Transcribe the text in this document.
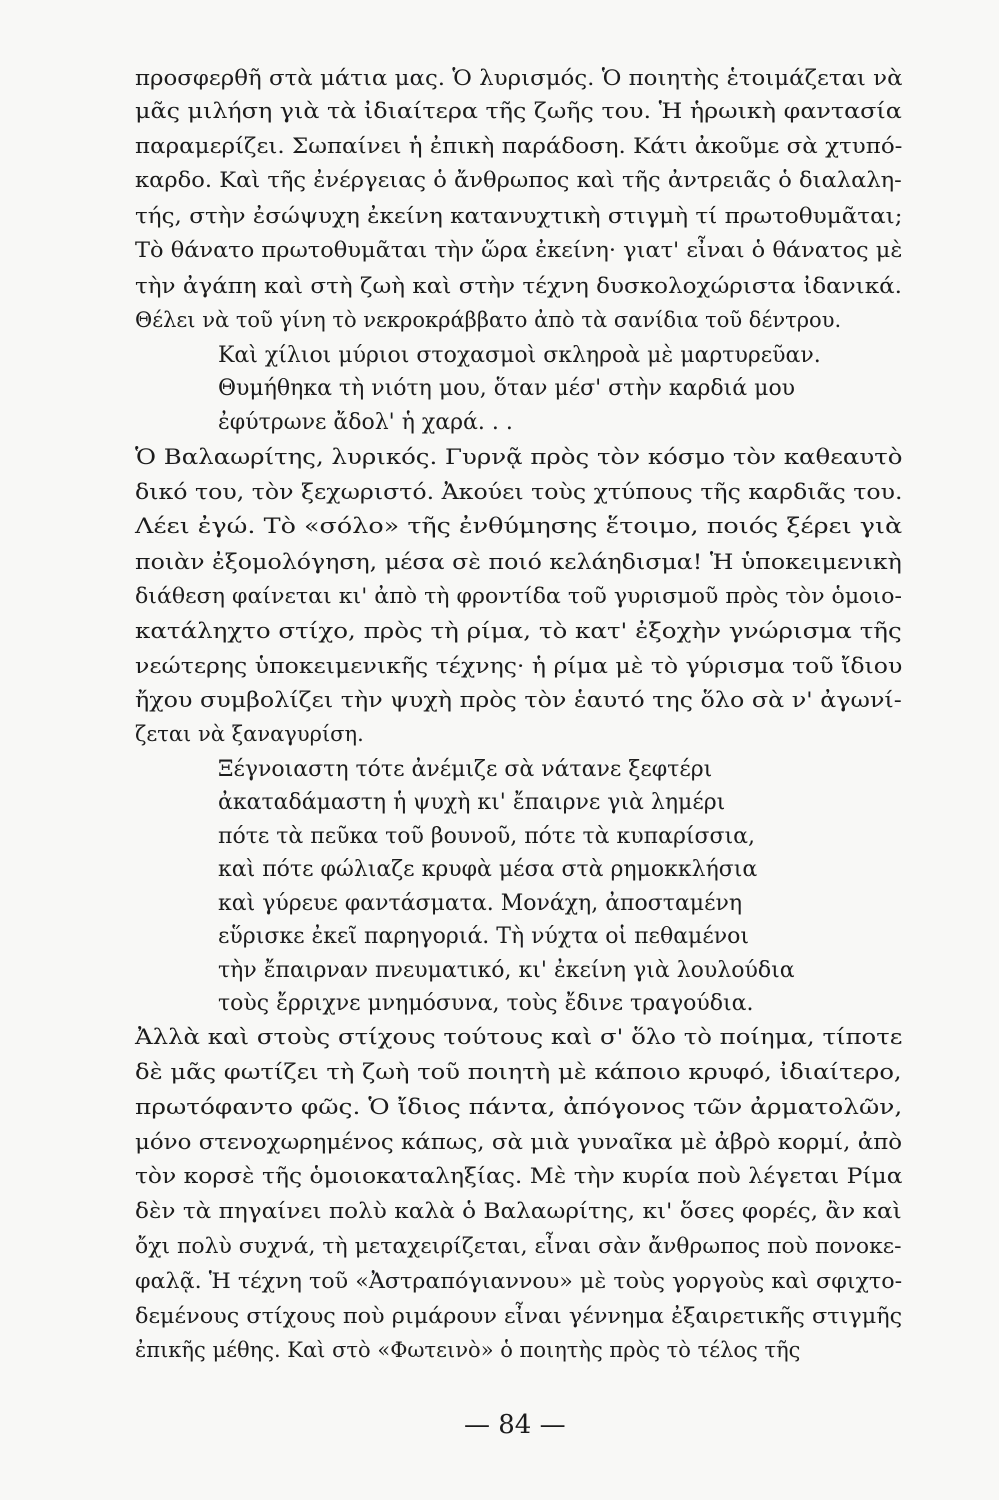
προσφερθῆ στὰ μάτια μας. Ὁ λυρισμός. Ὁ ποιητὴς ἑτοιμάζεται νὰ
μᾶς μιλήση γιὰ τὰ ἰδιαίτερα τῆς ζωῆς του. Ἡ ἡρωικὴ φαντασία
παραμερίζει. Σωπαίνει ἡ ἐπικὴ παράδοση. Κάτι ἀκοῦμε σὰ χτυπό-
καρδο. Καὶ τῆς ἐνέργειας ὁ ἄνθρωπος καὶ τῆς ἀντρειᾶς ὁ διαλαλη-
τής, στὴν ἐσώψυχη ἐκείνη κατανυχτικὴ στιγμὴ τί πρωτοθυμᾶται;
Τὸ θάνατο πρωτοθυμᾶται τὴν ὥρα ἐκείνη· γιατ' εἶναι ὁ θάνατος μὲ
τὴν ἀγάπη καὶ στὴ ζωὴ καὶ στὴν τέχνη δυσκολοχώριστα ἰδανικά.
Θέλει νὰ τοῦ γίνη τὸ νεκροκράββατο ἀπὸ τὰ σανίδια τοῦ δέντρου.
Καὶ χίλιοι μύριοι στοχασμοὶ σκληροὰ μὲ μαρτυρεῦαν.
Θυμήθηκα τὴ νιότη μου, ὅταν μέσ' στὴν καρδιά μου
ἐφύτρωνε ἄδολ' ἡ χαρά. . .
Ὁ Βαλαωρίτης, λυρικός. Γυρνᾷ πρὸς τὸν κόσμο τὸν καθεαυτὸ
δικό του, τὸν ξεχωριστό. Ἀκούει τοὺς χτύπους τῆς καρδιᾶς του.
Λέει ἐγώ. Τὸ «σόλο» τῆς ἐνθύμησης ἕτοιμο, ποιός ξέρει γιὰ
ποιὰν ἐξομολόγηση, μέσα σὲ ποιό κελάηδισμα! Ἡ ὑποκειμενικὴ
διάθεση φαίνεται κι' ἀπὸ τὴ φροντίδα τοῦ γυρισμοῦ πρὸς τὸν ὁμοιο-
κατάληχτο στίχο, πρὸς τὴ ρίμα, τὸ κατ' ἐξοχὴν γνώρισμα τῆς
νεώτερης ὑποκειμενικῆς τέχνης· ἡ ρίμα μὲ τὸ γύρισμα τοῦ ἴδιου
ἤχου συμβολίζει τὴν ψυχὴ πρὸς τὸν ἑαυτό της ὅλο σὰ ν' ἀγωνί-
ζεται νὰ ξαναγυρίση.
Ξέγνοιαστη τότε ἀνέμιζε σὰ νάτανε ξεφτέρι
ἀκαταδάμαστη ἡ ψυχὴ κι' ἔπαιρνε γιὰ λημέρι
πότε τὰ πεῦκα τοῦ βουνοῦ, πότε τὰ κυπαρίσσια,
καὶ πότε φώλιαζε κρυφὰ μέσα στὰ ρημοκκλήσια
καὶ γύρευε φαντάσματα. Μονάχη, ἀποσταμένη
εὕρισκε ἐκεῖ παρηγοριά. Τὴ νύχτα οἱ πεθαμένοι
τὴν ἔπαιρναν πνευματικό, κι' ἐκείνη γιὰ λουλούδια
τοὺς ἔρριχνε μνημόσυνα, τοὺς ἔδινε τραγούδια.
Ἀλλὰ καὶ στοὺς στίχους τούτους καὶ σ' ὅλο τὸ ποίημα, τίποτε
δὲ μᾶς φωτίζει τὴ ζωὴ τοῦ ποιητὴ μὲ κάποιο κρυφό, ἰδιαίτερο,
πρωτόφαντο φῶς. Ὁ ἴδιος πάντα, ἀπόγονος τῶν ἀρματολῶν,
μόνο στενοχωρημένος κάπως, σὰ μιὰ γυναῖκα μὲ ἀβρὸ κορμί, ἀπὸ
τὸν κορσὲ τῆς ὁμοιοκαταληξίας. Μὲ τὴν κυρία ποὺ λέγεται Ρίμα
δὲν τὰ πηγαίνει πολὺ καλὰ ὁ Βαλαωρίτης, κι' ὅσες φορές, ἂν καὶ
ὄχι πολὺ συχνά, τὴ μεταχειρίζεται, εἶναι σὰν ἄνθρωπος ποὺ πονοκε-
φαλᾷ. Ἡ τέχνη τοῦ «Ἀστραπόγιαννου» μὲ τοὺς γοργοὺς καὶ σφιχτο-
δεμένους στίχους ποὺ ριμάρουν εἶναι γέννημα ἐξαιρετικῆς στιγμῆς
ἐπικῆς μέθης. Καὶ στὸ «Φωτεινὸ» ὁ ποιητὴς πρὸς τὸ τέλος τῆς
— 84 —
